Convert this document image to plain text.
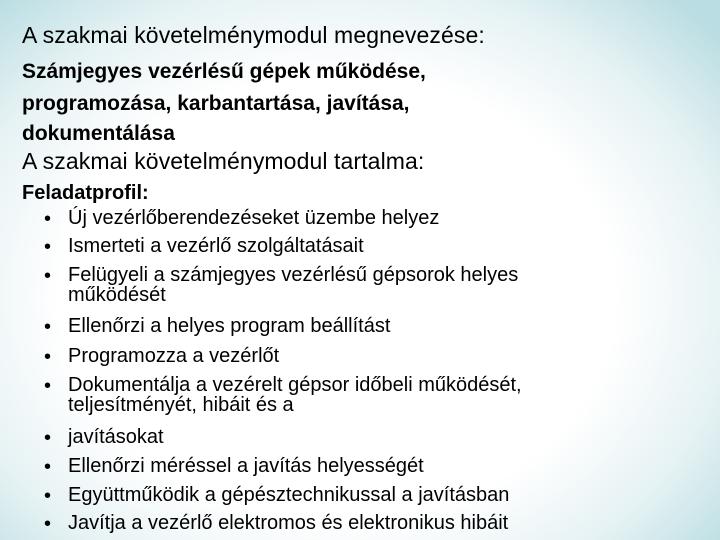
A szakmai követelménymodul megnevezése:

Számjegyes vezérlésű gépek működése,

programozása, karbantartása, javítása,

dokumentálása

A szakmai követelménymodul tartalma:

Feladatprofil:

• Új vezérlőberendezéseket üzembe helyez
• Ismerteti a vezérlő szolgáltatásait
• Felügyeli a számjegyes vezérlésű gépsorok helyes
működését
• Ellenőrzi a helyes program beállítást
• Programozza a vezérlőt
• Dokumentálja a vezérelt gépsor időbeli működését,
teljesítményét, hibáit és a
• javításokat
• Ellenőrzi méréssel a javítás helyességét
• Együttműködik a gépésztechnikussal a javításban
• Javítja a vezérlő elektromos és elektronikus hibáit
